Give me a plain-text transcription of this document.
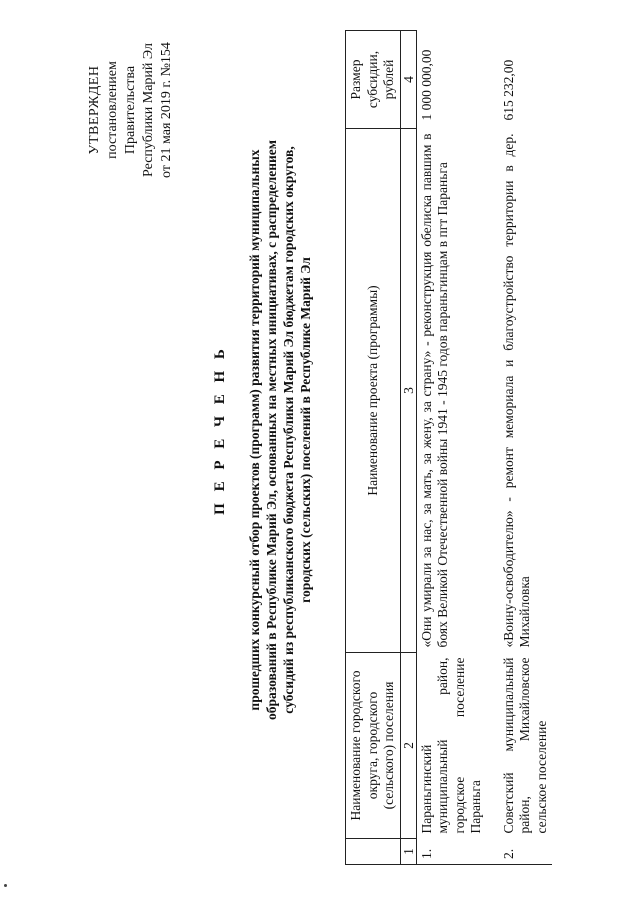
УТВЕРЖДЕН постановлением Правительства Республики Марий Эл от 21 мая 2019 г. №154
П Е Р Е Ч Е Н Ь прошедших конкурсный отбор проектов (программ) развития территорий муниципальных образований в Республике Марий Эл, основанных на местных инициативах, с распределением субсидий из республиканского бюджета Республики Марий Эл бюджетам городских округов, городских (сельских) поселений в Республике Марий Эл
	Наименование городского округа, городского (сельского) поселения	Наименование проекта (программы)	Размер субсидии, рублей
1	2	3	4
1.	Параньгинский муниципальный район, городское поселение Параньга	«Они умирали за нас, за мать, за жену, за страну» - реконструкция обелиска павшим в боях Великой Отечественной войны 1941 - 1945 годов параньгинцам в пгт Параньга	1 000 000,00
2.	Советский муниципальный район, Михайловское сельское поселение	«Воину-освободителю» - ремонт мемориала и благоустройство территории в дер. Михайловка	615 232,00
